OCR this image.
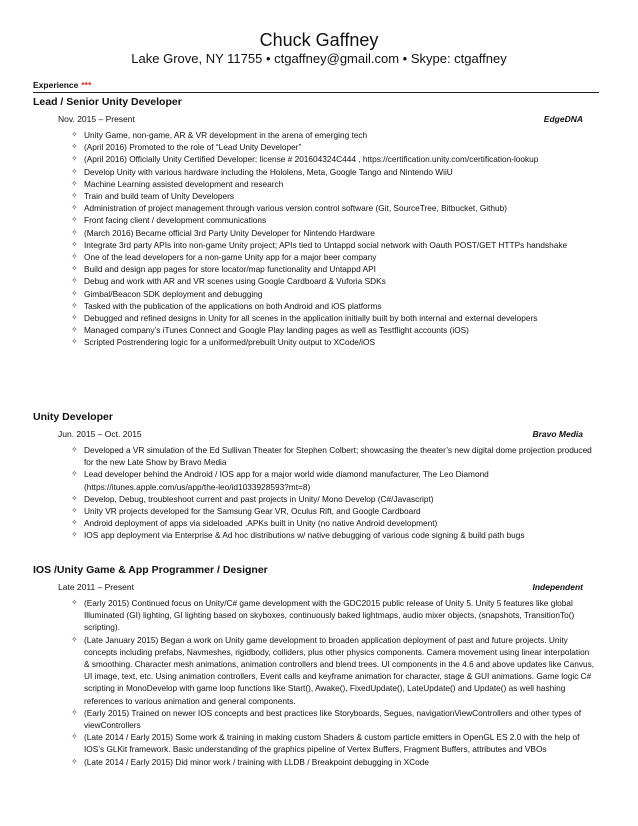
Chuck Gaffney
Lake Grove, NY 11755 • ctgaffney@gmail.com • Skype: ctgaffney
Experience ***
Lead / Senior Unity Developer
Nov. 2015 – Present	EdgeDNA
✧ Unity Game, non-game, AR & VR development in the arena of emerging tech
✧ (April 2016) Promoted to the role of “Lead Unity Developer”
✧ (April 2016) Officially Unity Certified Developer; license # 201604324C444 , https://certification.unity.com/certification-lookup
✧ Develop Unity with various hardware including the Hololens, Meta, Google Tango and Nintendo WiiU
✧ Machine Learning assisted development and research
✧ Train and build team of Unity Developers
✧ Administration of project management through various version control software (Git, SourceTree, Bitbucket, Github)
✧ Front facing client / development communications
✧ (March 2016) Became official 3rd Party Unity Developer for Nintendo Hardware
✧ Integrate 3rd party APIs into non-game Unity project; APIs tied to Untappd social network with Oauth POST/GET HTTPs handshake
✧ One of the lead developers for a non-game Unity app for a major beer company
✧ Build and design app pages for store locator/map functionality and Untappd API
✧ Debug and work with AR and VR scenes using Google Cardboard & Vuforia SDKs
✧ Gimbal/Beacon SDK deployment and debugging
✧ Tasked with the publication of the applications on both Android and iOS platforms
✧ Debugged and refined designs in Unity for all scenes in the application initially built by both internal and external developers
✧ Managed company’s iTunes Connect and Google Play landing pages as well as Testflight accounts (iOS)
✧ Scripted Postrendering logic for a uniformed/prebuilt Unity output to XCode/iOS
Unity Developer
Jun. 2015 – Oct. 2015	Bravo Media
✧ Developed a VR simulation of the Ed Sullivan Theater for Stephen Colbert; showcasing the theater’s new digital dome projection produced for the new Late Show by Bravo Media
✧ Lead developer behind the Android / IOS app for a major world wide diamond manufacturer, The Leo Diamond (https://itunes.apple.com/us/app/the-leo/id1033928593?mt=8)
✧ Develop, Debug, troubleshoot current and past projects in Unity/ Mono Develop (C#/Javascript)
✧ Unity VR projects developed for the Samsung Gear VR, Oculus Rift, and Google Cardboard
✧ Android deployment of apps via sideloaded .APKs built in Unity (no native Android development)
✧ IOS app deployment via Enterprise & Ad hoc distributions w/ native debugging of various code signing & build path bugs
IOS /Unity Game & App Programmer / Designer
Late 2011 – Present	Independent
✧ (Early 2015) Continued focus on Unity/C# game development with the GDC2015 public release of Unity 5. Unity 5 features like global Illuminated (GI) lighting, GI lighting based on skyboxes, continuously baked lightmaps, audio mixer objects, (snapshots, TransitionTo() scripting).
✧ (Late January 2015) Began a work on Unity game development to broaden application deployment of past and future projects. Unity concepts including prefabs, Navmeshes, rigidbody, colliders, plus other physics components. Camera movement using linear interpolation & smoothing. Character mesh animations, animation controllers and blend trees. UI components in the 4.6 and above updates like Canvus, UI image, text, etc. Using animation controllers, Event calls and keyframe animation for character, stage & GUI animations. Game logic C# scripting in MonoDevelop with game loop functions like Start(), Awake(), FixedUpdate(), LateUpdate() and Update() as well hashing references to various animation and general components.
✧ (Early 2015) Trained on newer IOS concepts and best practices like Storyboards, Segues, navigationViewControllers and other types of viewControllers
✧ (Late 2014 / Early 2015) Some work & training in making custom Shaders & custom particle emitters in OpenGL ES 2.0 with the help of IOS’s GLKit framework. Basic understanding of the graphics pipeline of Vertex Buffers, Fragment Buffers, attributes and VBOs
✧ (Late 2014 / Early 2015) Did minor work / training with LLDB / Breakpoint debugging in XCode
